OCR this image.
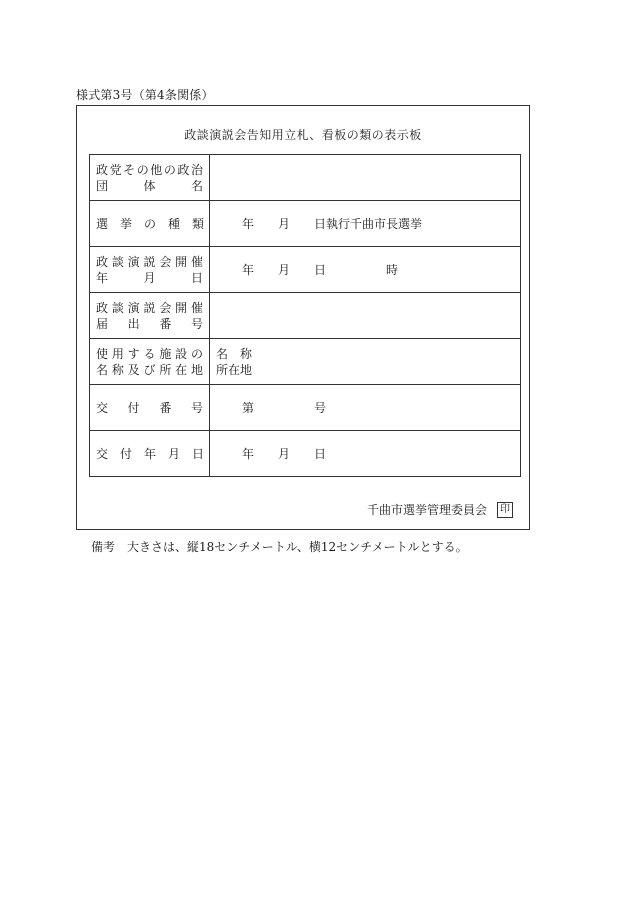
様式第3号（第4条関係）
政談演説会告知用立札、看板の類の表示板
政党その他の政治
団　　体　　名	

選　挙　の　種　類	年　　月　　日執行千曲市長選挙

政談演説会開催
年　　月　　日	年　　月　　日　　　　　時

政談演説会開催
届　出　番　号	

使用する施設の
名称及び所在地	名　称
所在地

交　付　番　号	第　　　　　号

交　付　年　月　日	年　　月　　日
千曲市選挙管理委員会	印
備考　大きさは、縦18センチメートル、横12センチメートルとする。
